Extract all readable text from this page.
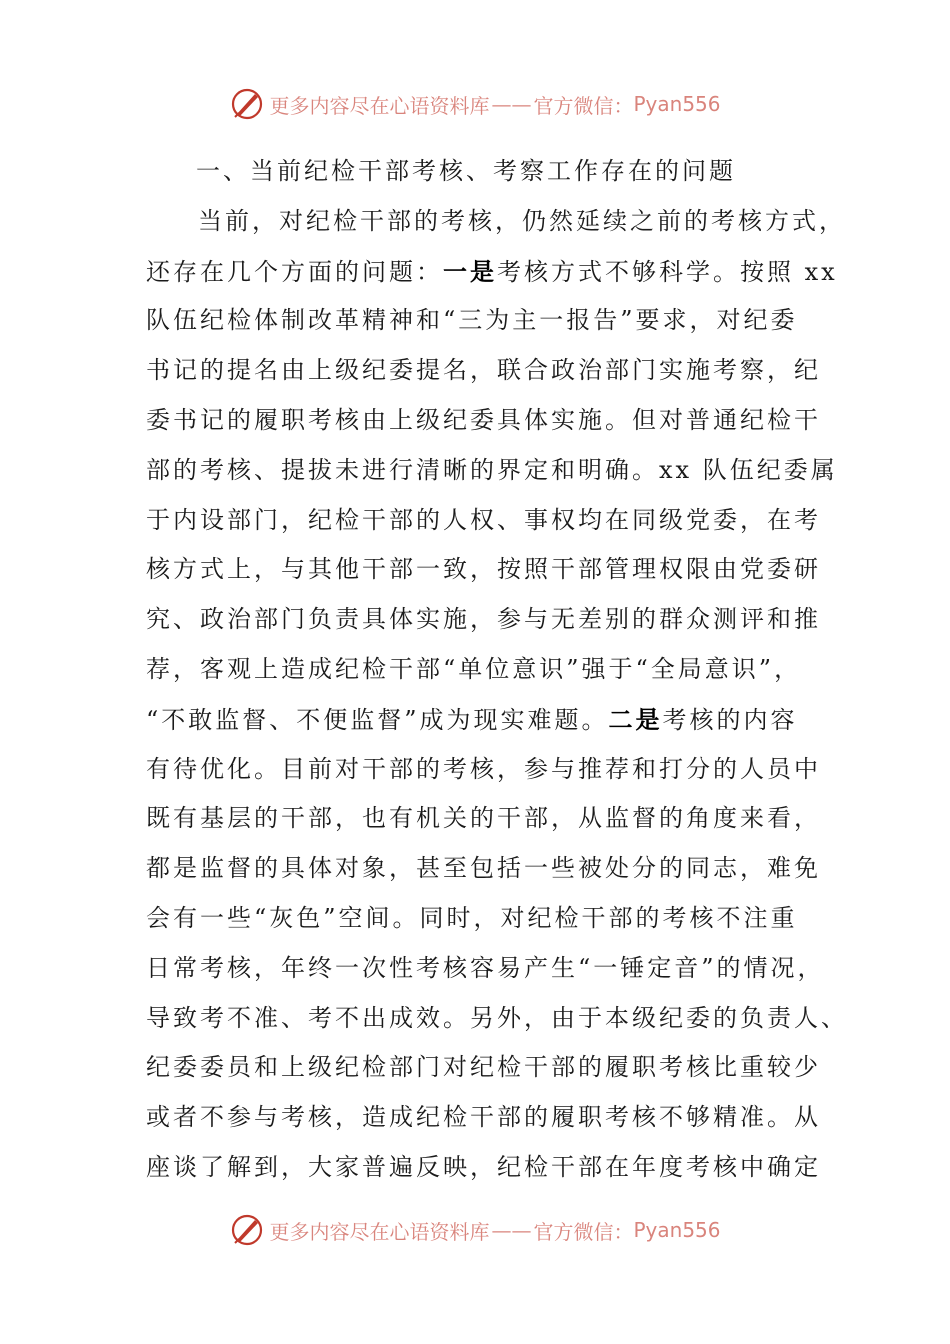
更多内容尽在心语资料库 —— 官方微信： Pyan556
一、当前纪检干部考核、考察工作存在的问题
当前，对纪检干部的考核，仍然延续之前的考核方式，
还存在几个方面的问题：一是考核方式不够科学。按照 xx
队伍纪检体制改革精神和“三为主一报告”要求，对纪委
书记的提名由上级纪委提名，联合政治部门实施考察，纪
委书记的履职考核由上级纪委具体实施。但对普通纪检干
部的考核、提拔未进行清晰的界定和明确。xx 队伍纪委属
于内设部门，纪检干部的人权、事权均在同级党委，在考
核方式上，与其他干部一致，按照干部管理权限由党委研
究、政治部门负责具体实施，参与无差别的群众测评和推
荐，客观上造成纪检干部“单位意识”强于“全局意识”，
“不敢监督、不便监督”成为现实难题。二是考核的内容
有待优化。目前对干部的考核，参与推荐和打分的人员中
既有基层的干部，也有机关的干部，从监督的角度来看，
都是监督的具体对象，甚至包括一些被处分的同志，难免
会有一些“灰色”空间。同时，对纪检干部的考核不注重
日常考核，年终一次性考核容易产生“一锤定音”的情况，
导致考不准、考不出成效。另外，由于本级纪委的负责人、
纪委委员和上级纪检部门对纪检干部的履职考核比重较少
或者不参与考核，造成纪检干部的履职考核不够精准。从
座谈了解到，大家普遍反映，纪检干部在年度考核中确定
更多内容尽在心语资料库 —— 官方微信： Pyan556
